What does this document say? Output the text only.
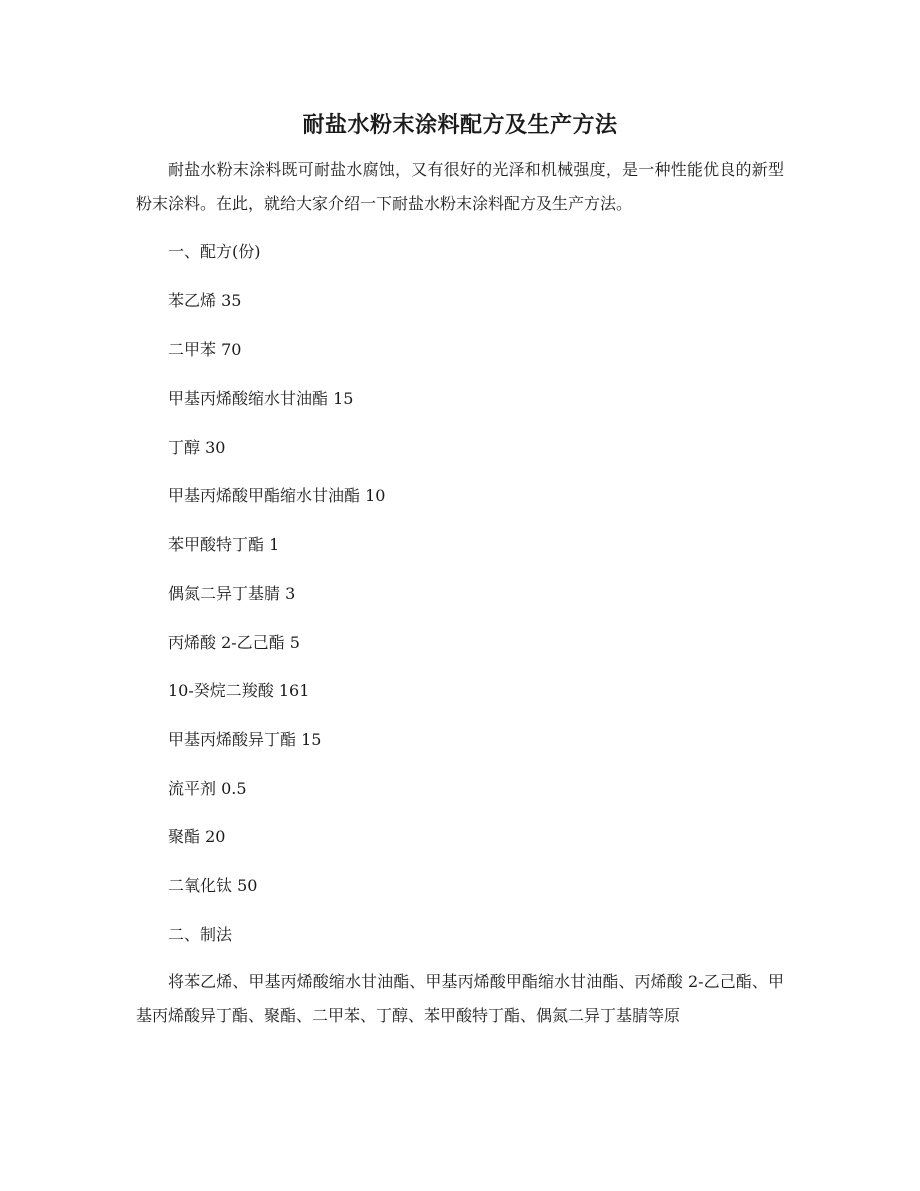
耐盐水粉末涂料配方及生产方法
耐盐水粉末涂料既可耐盐水腐蚀，又有很好的光泽和机械强度，是一种性能优良的新型粉末涂料。在此，就给大家介绍一下耐盐水粉末涂料配方及生产方法。
一、配方(份)
苯乙烯 35
二甲苯 70
甲基丙烯酸缩水甘油酯 15
丁醇 30
甲基丙烯酸甲酯缩水甘油酯 10
苯甲酸特丁酯 1
偶氮二异丁基腈 3
丙烯酸 2-乙己酯 5
10-癸烷二羧酸 161
甲基丙烯酸异丁酯 15
流平剂 0.5
聚酯 20
二氧化钛 50
二、制法
将苯乙烯、甲基丙烯酸缩水甘油酯、甲基丙烯酸甲酯缩水甘油酯、丙烯酸 2-乙己酯、甲基丙烯酸异丁酯、聚酯、二甲苯、丁醇、苯甲酸特丁酯、偶氮二异丁基腈等原
